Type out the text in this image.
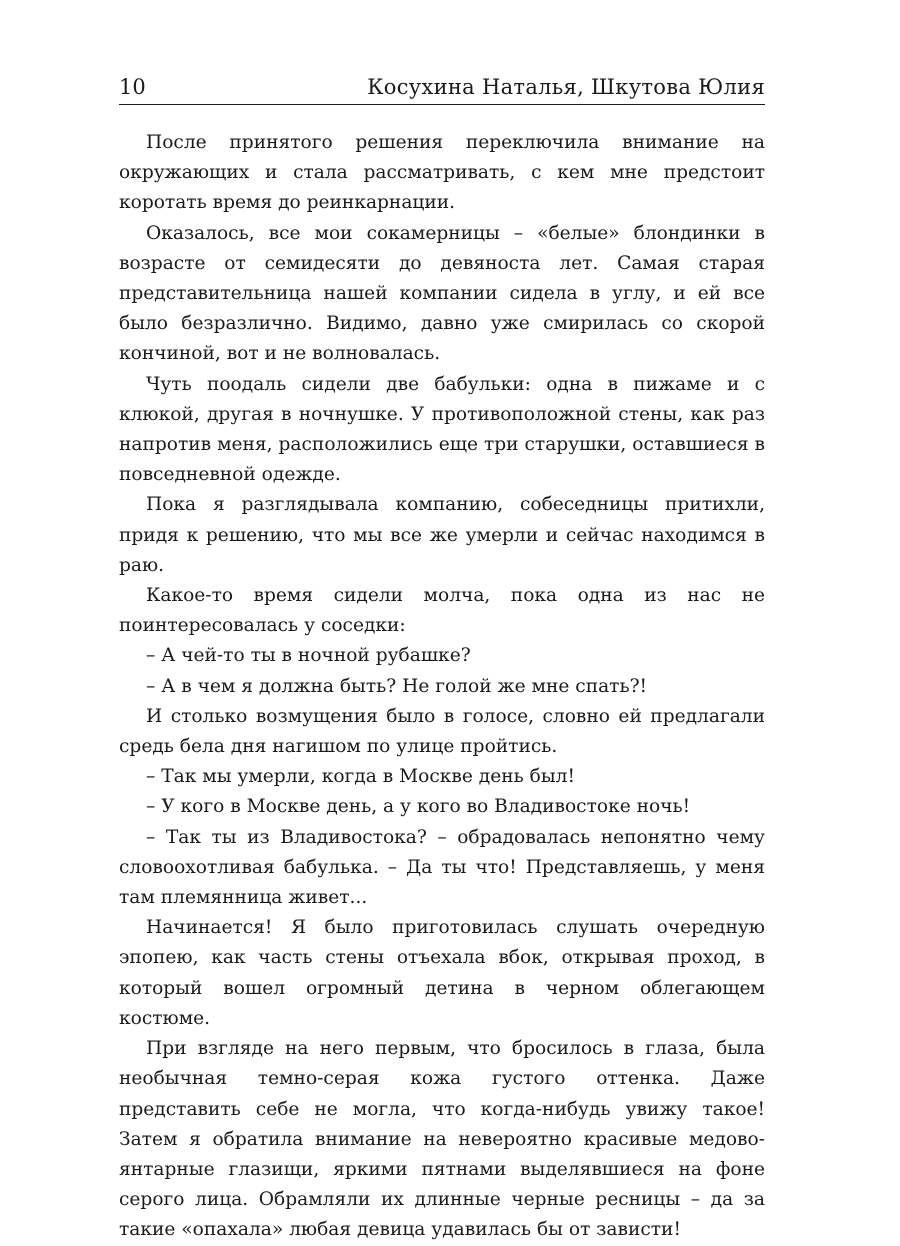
10	Косухина Наталья, Шкутова Юлия

После принятого решения переключила внимание на окружающих и стала рассматривать, с кем мне предстоит коротать время до реинкарнации.

Оказалось, все мои сокамерницы – «белые» блондинки в возрасте от семидесяти до девяноста лет. Самая старая представительница нашей компании сидела в углу, и ей все было безразлично. Видимо, давно уже смирилась со скорой кончиной, вот и не волновалась.

Чуть поодаль сидели две бабульки: одна в пижаме и с клюкой, другая в ночнушке. У противоположной стены, как раз напротив меня, расположились еще три старушки, оставшиеся в повседневной одежде.

Пока я разглядывала компанию, собеседницы притихли, придя к решению, что мы все же умерли и сейчас находимся в раю.

Какое-то время сидели молча, пока одна из нас не поинтересовалась у соседки:

– А чей-то ты в ночной рубашке?

– А в чем я должна быть? Не голой же мне спать?!

И столько возмущения было в голосе, словно ей предлагали средь бела дня нагишом по улице пройтись.

– Так мы умерли, когда в Москве день был!

– У кого в Москве день, а у кого во Владивостоке ночь!

– Так ты из Владивостока? – обрадовалась непонятно чему словоохотливая бабулька. – Да ты что! Представляешь, у меня там племянница живет...

Начинается! Я было приготовилась слушать очередную эпопею, как часть стены отъехала вбок, открывая проход, в который вошел огромный детина в черном облегающем костюме.

При взгляде на него первым, что бросилось в глаза, была необычная темно-серая кожа густого оттенка. Даже представить себе не могла, что когда-нибудь увижу такое! Затем я обратила внимание на невероятно красивые медово-янтарные глазищи, яркими пятнами выделявшиеся на фоне серого лица. Обрамляли их длинные черные ресницы – да за такие «опахала» любая девица удавилась бы от зависти!
